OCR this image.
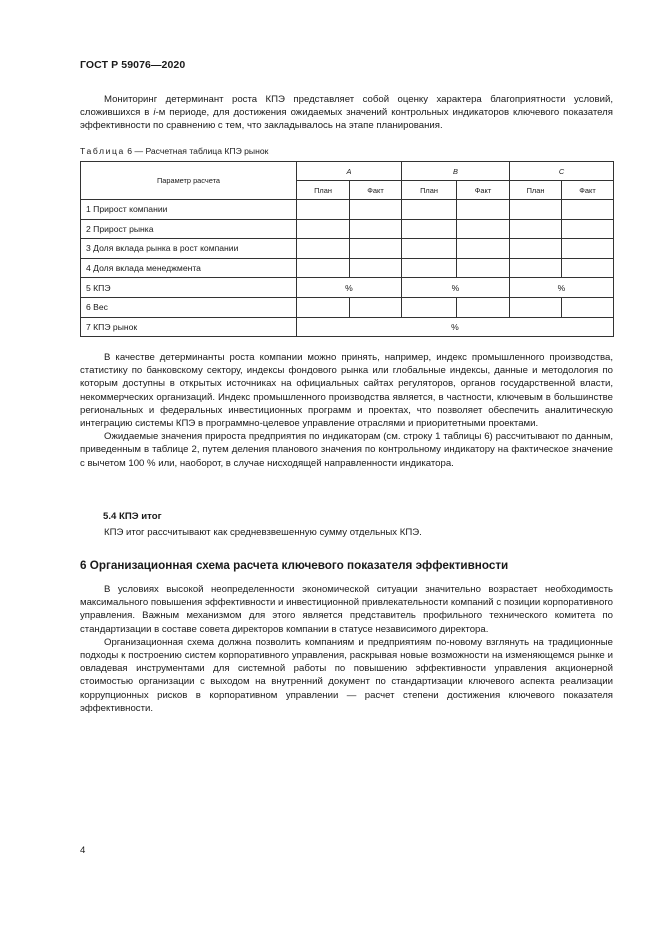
ГОСТ Р 59076—2020

Мониторинг детерминант роста КПЭ представляет собой оценку характера благоприятности условий, сложившихся в i-м периоде, для достижения ожидаемых значений контрольных индикаторов ключевого показателя эффективности по сравнению с тем, что закладывалось на этапе планирования.

Таблица 6 — Расчетная таблица КПЭ рынок
Параметр расчета	A		B		C	
	План	Факт	План	Факт	План	Факт
1 Прирост компании						
2 Прирост рынка						
3 Доля вклада рынка в рост компании						
4 Доля вклада менеджмента						
5 КПЭ	%		%		%	
6 Вес						
7 КПЭ рынок	%					

В качестве детерминанты роста компании можно принять, например, индекс промышленного производства, статистику по банковскому сектору, индексы фондового рынка или глобальные индексы, данные и методология по которым доступны в открытых источниках на официальных сайтах регуляторов, органов государственной власти, некоммерческих организаций. Индекс промышленного производства является, в частности, ключевым в большинстве региональных и федеральных инвестиционных программ и проектах, что позволяет обеспечить аналитическую интеграцию системы КПЭ в программно-целевое управление отраслями и приоритетными проектами.

Ожидаемые значения прироста предприятия по индикаторам (см. строку 1 таблицы 6) рассчитывают по данным, приведенным в таблице 2, путем деления планового значения по контрольному индикатору на фактическое значение с вычетом 100 % или, наоборот, в случае нисходящей направленности индикатора.

5.4 КПЭ итог

КПЭ итог рассчитывают как средневзвешенную сумму отдельных КПЭ.

6 Организационная схема расчета ключевого показателя эффективности

В условиях высокой неопределенности экономической ситуации значительно возрастает необходимость максимального повышения эффективности и инвестиционной привлекательности компаний с позиции корпоративного управления. Важным механизмом для этого является представитель профильного технического комитета по стандартизации в составе совета директоров компании в статусе независимого директора.

Организационная схема должна позволить компаниям и предприятиям по-новому взглянуть на традиционные подходы к построению систем корпоративного управления, раскрывая новые возможности на изменяющемся рынке и овладевая инструментами для системной работы по повышению эффективности управления акционерной стоимостью организации с выходом на внутренний документ по стандартизации ключевого аспекта реализации коррупционных рисков в корпоративном управлении — расчет степени достижения ключевого показателя эффективности.

4
